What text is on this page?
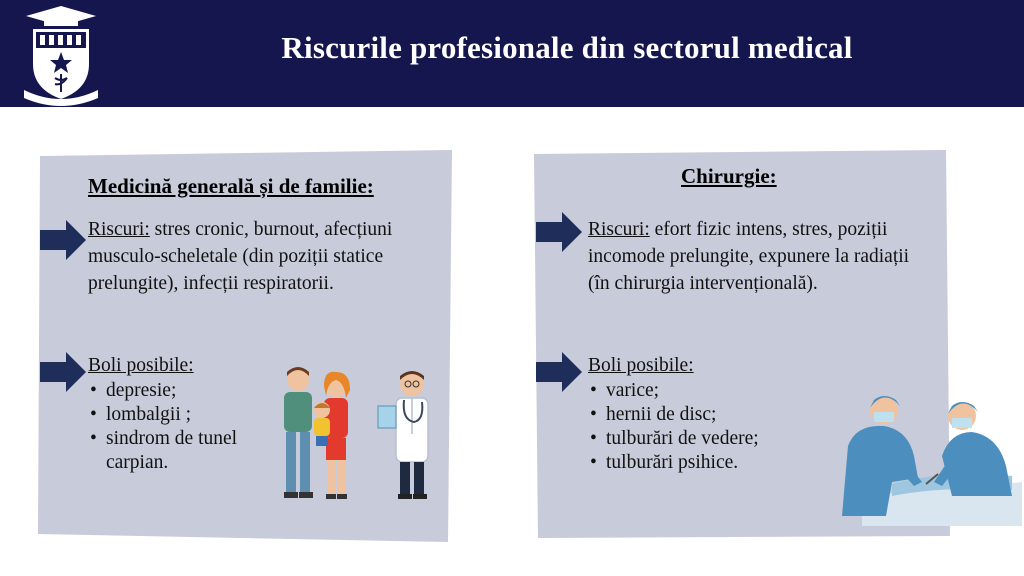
Riscurile profesionale din sectorul medical
Medicină generală și de familie:
Riscuri: stres cronic, burnout, afecțiuni musculo-scheletale (din poziții statice prelungite), infecții respiratorii.
Boli posibile:
• depresie;
• lombalgii ;
• sindrom de tunel carpian.
Chirurgie:
Riscuri: efort fizic intens, stres, poziții incomode prelungite, expunere la radiații (în chirurgia intervențională).
Boli posibile:
• varice;
• hernii de disc;
• tulburări de vedere;
• tulburări psihice.
